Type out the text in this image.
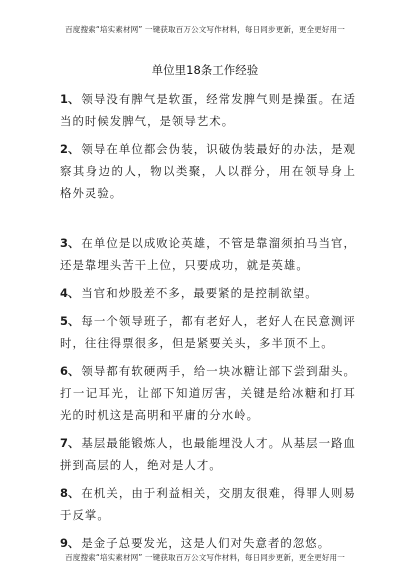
百度搜索“培实素材网” 一键获取百万公文写作材料，每日同步更新，更全更好用一
单位里18条工作经验

1、 领导没有脾气是软蛋，经常发脾气则是操蛋。在适当的时候发脾气，是领导艺术。

2、 领导在单位都会伪装，识破伪装最好的办法，是观察其身边的人，物以类聚，人以群分，用在领导身上格外灵验。

3、 在单位是以成败论英雄，不管是靠溜须拍马当官，还是靠埋头苦干上位，只要成功，就是英雄。

4、 当官和炒股差不多，最要紧的是控制欲望。

5、 每一个领导班子，都有老好人，老好人在民意测评时，往往得票很多，但是紧要关头，多半顶不上。

6、 领导都有软硬两手，给一块冰糖让部下尝到甜头。打一记耳光，让部下知道厉害，关键是给冰糖和打耳光的时机这是高明和平庸的分水岭。

7、 基层最能锻炼人，也最能埋没人才。从基层一路血拼到高层的人，绝对是人才。

8、 在机关，由于利益相关，交朋友很难，得罪人则易于反掌。

9、 是金子总要发光，这是人们对失意者的忽悠。

百度搜索“培实素材网” 一键获取百万公文写作材料，每日同步更新，更全更好用一
